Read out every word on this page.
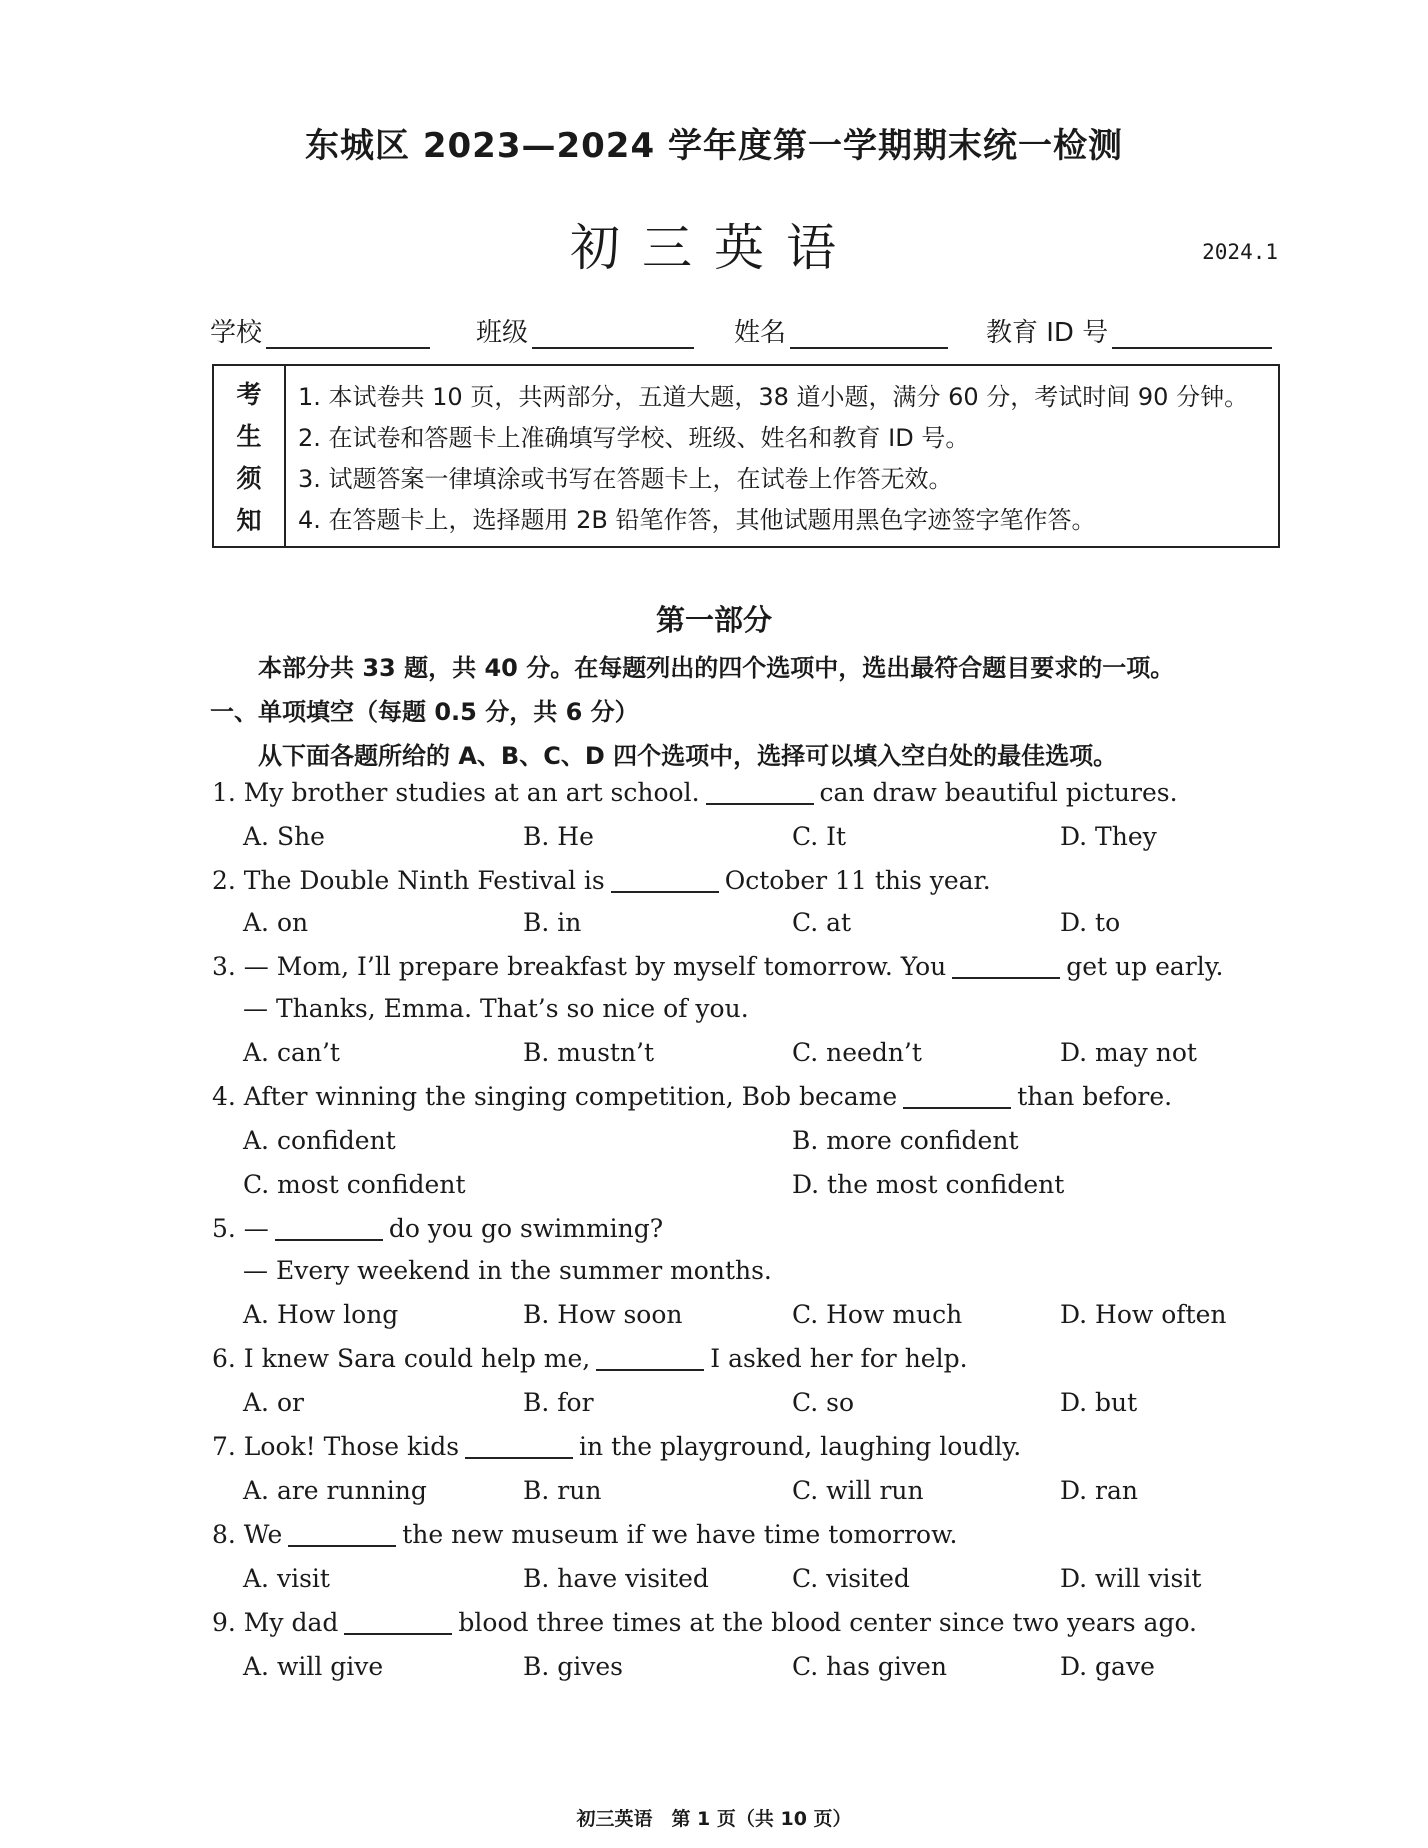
东城区 2023—2024 学年度第一学期期末统一检测
初三英语	2024.1
学校	班级	姓名	教育 ID 号
考
生
须
知
1. 本试卷共 10 页，共两部分，五道大题，38 道小题，满分 60 分，考试时间 90 分钟。
2. 在试卷和答题卡上准确填写学校、班级、姓名和教育 ID 号。
3. 试题答案一律填涂或书写在答题卡上，在试卷上作答无效。
4. 在答题卡上，选择题用 2B 铅笔作答，其他试题用黑色字迹签字笔作答。
第一部分
本部分共 33 题，共 40 分。在每题列出的四个选项中，选出最符合题目要求的一项。
一、单项填空（每题 0.5 分，共 6 分）
从下面各题所给的 A、B、C、D 四个选项中，选择可以填入空白处的最佳选项。
1. My brother studies at an art school.	can draw beautiful pictures.
A. She	B. He	C. It	D. They
2. The Double Ninth Festival is	October 11 this year.
A. on	B. in	C. at	D. to
3. — Mom, I’ll prepare breakfast by myself tomorrow. You	get up early.
— Thanks, Emma. That’s so nice of you.
A. can’t	B. mustn’t	C. needn’t	D. may not
4. After winning the singing competition, Bob became	than before.
A. confident	B. more confident
C. most confident	D. the most confident
5. —	do you go swimming?
— Every weekend in the summer months.
A. How long	B. How soon	C. How much	D. How often
6. I knew Sara could help me,	I asked her for help.
A. or	B. for	C. so	D. but
7. Look! Those kids	in the playground, laughing loudly.
A. are running	B. run	C. will run	D. ran
8. We	the new museum if we have time tomorrow.
A. visit	B. have visited	C. visited	D. will visit
9. My dad	blood three times at the blood center since two years ago.
A. will give	B. gives	C. has given	D. gave
初三英语　第 1 页（共 10 页）
